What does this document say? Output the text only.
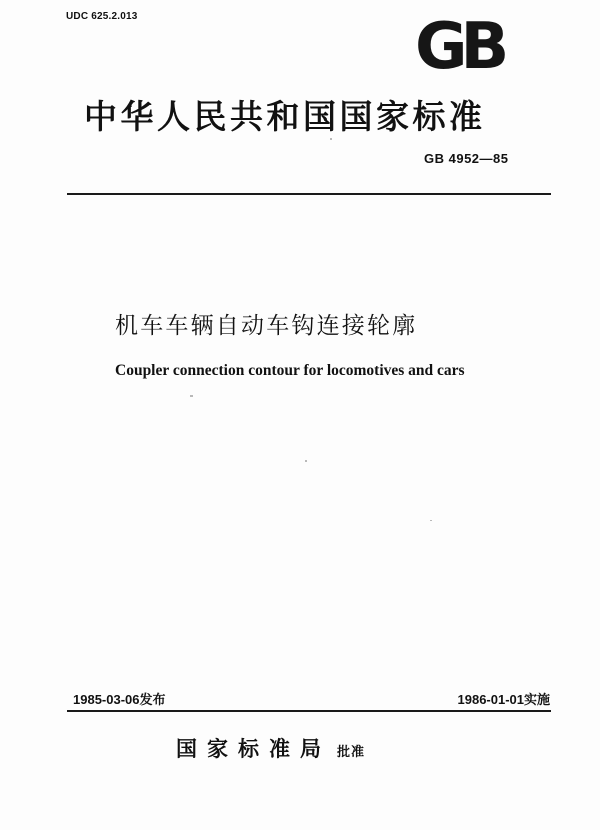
UDC 625.2.013	GB
中华人民共和国国家标准
GB 4952—85
机车车辆自动车钩连接轮廓
Coupler connection contour for locomotives and cars
1985-03-06发布	1986-01-01实施
国家标准局 批准
